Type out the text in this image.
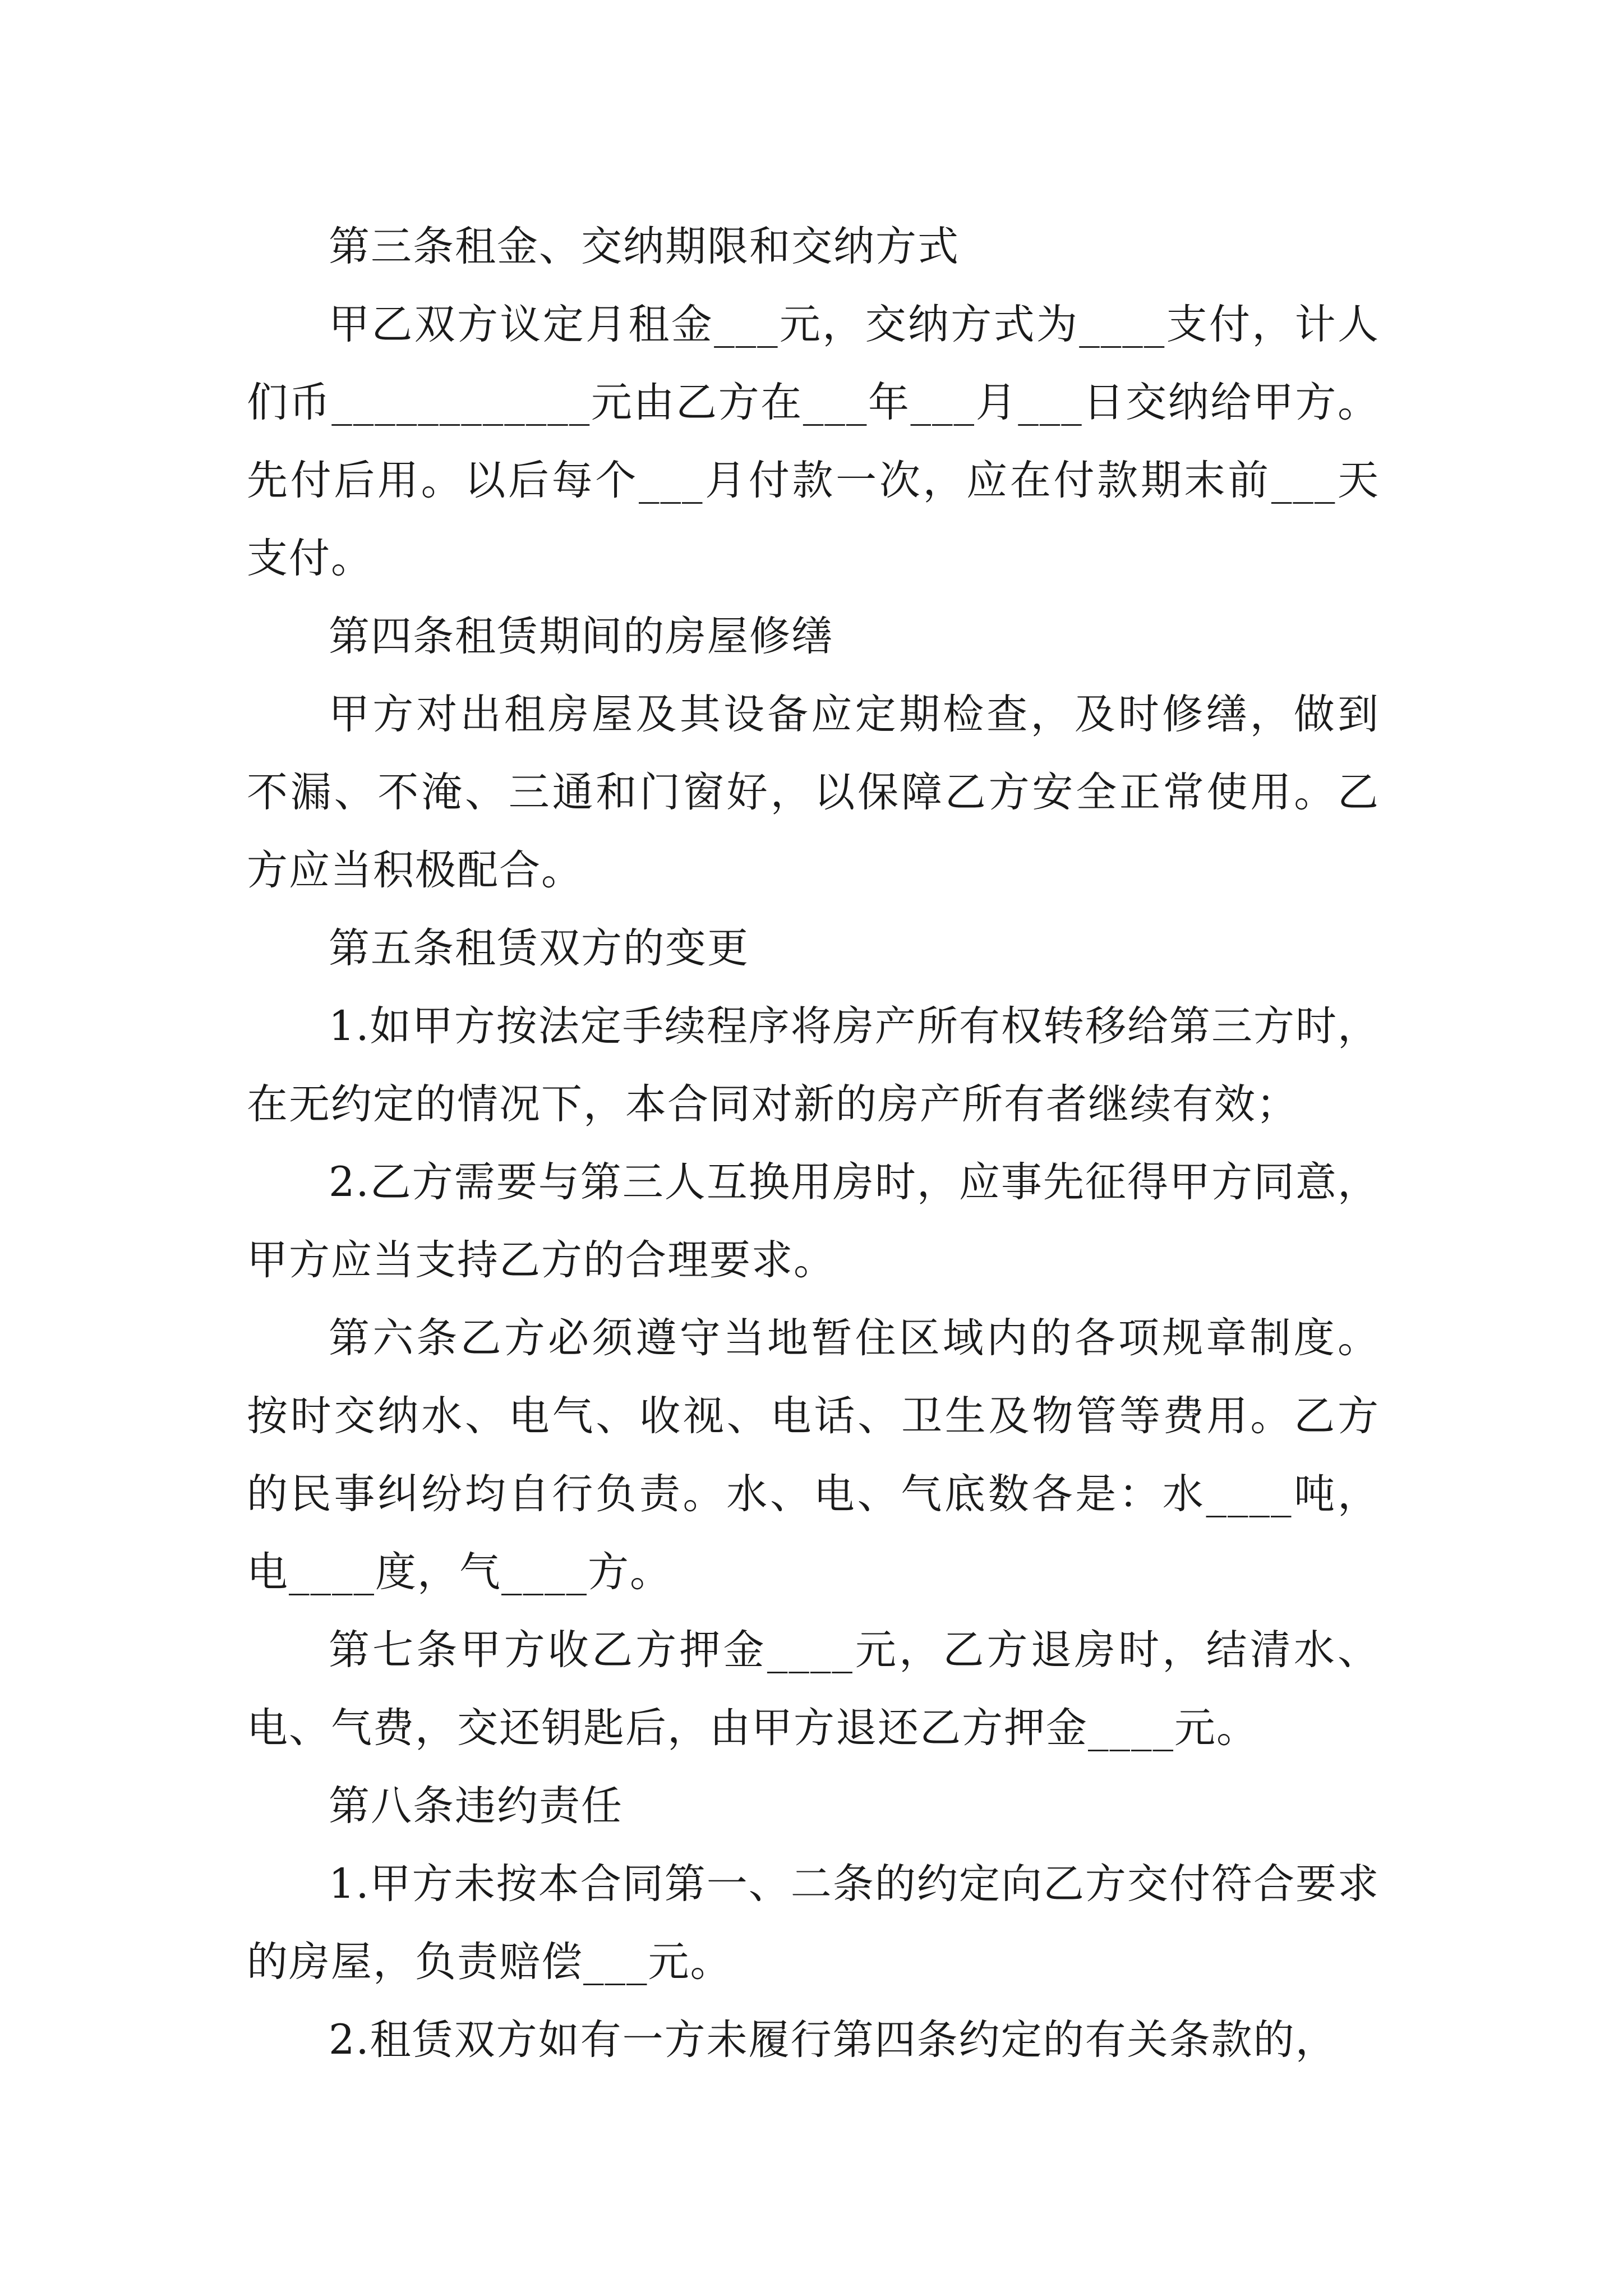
第三条租金、交纳期限和交纳方式

甲乙双方议定月租金___元，交纳方式为____支付，计人们币____________元由乙方在___年___月___日交纳给甲方。先付后用。以后每个___月付款一次，应在付款期末前___天支付。

第四条租赁期间的房屋修缮

甲方对出租房屋及其设备应定期检查，及时修缮，做到不漏、不淹、三通和门窗好，以保障乙方安全正常使用。乙方应当积极配合。

第五条租赁双方的变更

1.如甲方按法定手续程序将房产所有权转移给第三方时，在无约定的情况下，本合同对新的房产所有者继续有效；

2.乙方需要与第三人互换用房时，应事先征得甲方同意，甲方应当支持乙方的合理要求。

第六条乙方必须遵守当地暂住区域内的各项规章制度。按时交纳水、电气、收视、电话、卫生及物管等费用。乙方的民事纠纷均自行负责。水、电、气底数各是：水____吨，电____度，气____方。

第七条甲方收乙方押金____元，乙方退房时，结清水、电、气费，交还钥匙后，由甲方退还乙方押金____元。

第八条违约责任

1.甲方未按本合同第一、二条的约定向乙方交付符合要求的房屋，负责赔偿___元。

2.租赁双方如有一方未履行第四条约定的有关条款的，
